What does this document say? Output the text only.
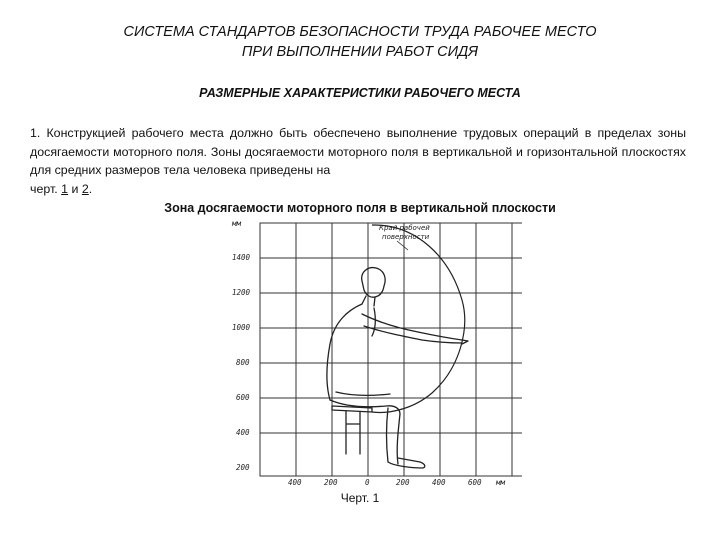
СИСТЕМА СТАНДАРТОВ БЕЗОПАСНОСТИ ТРУДА РАБОЧЕЕ МЕСТО
ПРИ ВЫПОЛНЕНИИ РАБОТ СИДЯ
РАЗМЕРНЫЕ ХАРАКТЕРИСТИКИ РАБОЧЕГО МЕСТА
1. Конструкцией рабочего места должно быть обеспечено выполнение трудовых операций в пределах зоны досягаемости моторного поля. Зоны досягаемости моторного поля в вертикальной и горизонтальной плоскостях для средних размеров тела человека приведены на
черт. 1 и 2.
Зона досягаемости моторного поля в вертикальной плоскости
мм
1400
1200
1000
800
600
400
200
400	200	0	200	400	600 мм
Край рабочей
поверхности
Черт. 1
